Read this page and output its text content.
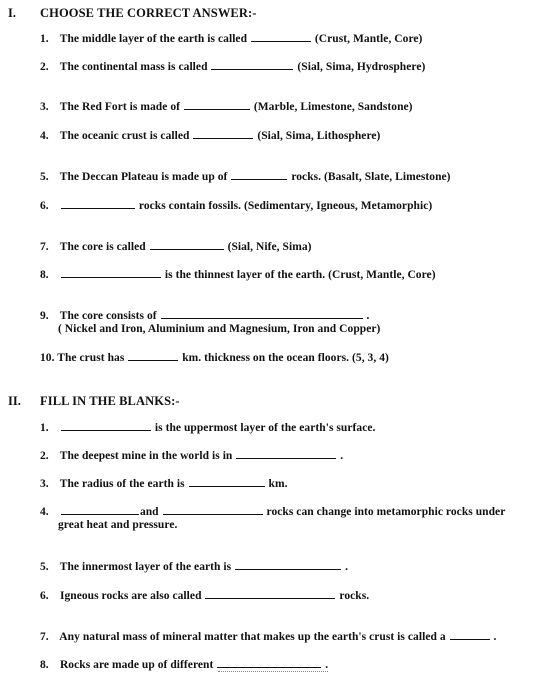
I. CHOOSE THE CORRECT ANSWER:-
1. The middle layer of the earth is called	(Crust, Mantle, Core)
2. The continental mass is called	(Sial, Sima, Hydrosphere)
3. The Red Fort is made of	(Marble, Limestone, Sandstone)
4. The oceanic crust is called	(Sial, Sima, Lithosphere)
5. The Deccan Plateau is made up of	rocks. (Basalt, Slate, Limestone)
6.	rocks contain fossils. (Sedimentary, Igneous, Metamorphic)
7. The core is called	(Sial, Nife, Sima)
8.	is the thinnest layer of the earth. (Crust, Mantle, Core)
9. The core consists of	.
( Nickel and Iron, Aluminium and Magnesium, Iron and Copper)
10. The crust has	km. thickness on the ocean floors. (5, 3, 4)
II. FILL IN THE BLANKS:-
1.	is the uppermost layer of the earth's surface.
2. The deepest mine in the world is in	.
3. The radius of the earth is	km.
4.	and	rocks can change into metamorphic rocks under
great heat and pressure.
5. The innermost layer of the earth is	.
6. Igneous rocks are also called	rocks.
7. Any natural mass of mineral matter that makes up the earth's crust is called a	.
8. Rocks are made up of different	.
